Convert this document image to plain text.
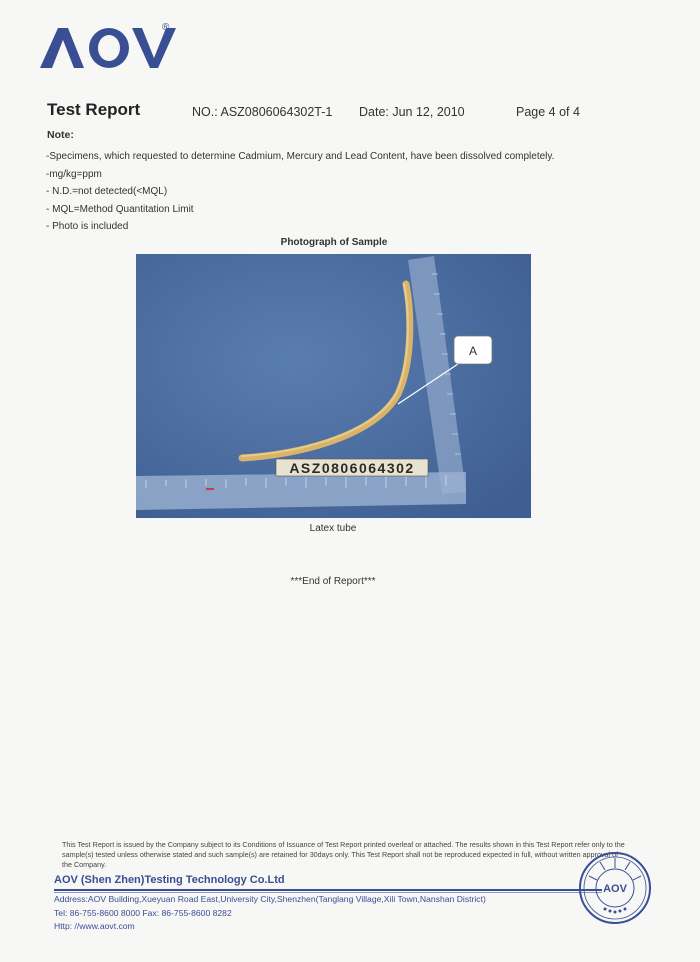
®
Test Report	NO.: ASZ0806064302T-1 Date: Jun 12, 2010	Page 4 of 4
Note:
-Specimens, which requested to determine Cadmium, Mercury and Lead Content, have been dissolved completely.
-mg/kg=ppm
- N.D.=not detected(<MQL)
- MQL=Method Quantitation Limit
- Photo is included
Photograph of Sample
A
ASZ0806064302
Latex tube
***End of Report***
This Test Report is issued by the Company subject to its Conditions of Issuance of Test Report printed overleaf or attached. The results shown in this Test Report refer only to the sample(s) tested unless otherwise stated and such sample(s) are retained for 30days only. This Test Report shall not be reproduced expected in full, without written approval of the Company.
AOV (Shen Zhen)Testing Technology Co.Ltd
Address:AOV Building,Xueyuan Road East,University City,Shenzhen(Tanglang Village,Xili Town,Nanshan District)
Tel: 86-755-8600 8000 Fax: 86-755-8600 8282
Http: //www.aovt.com
AOV
